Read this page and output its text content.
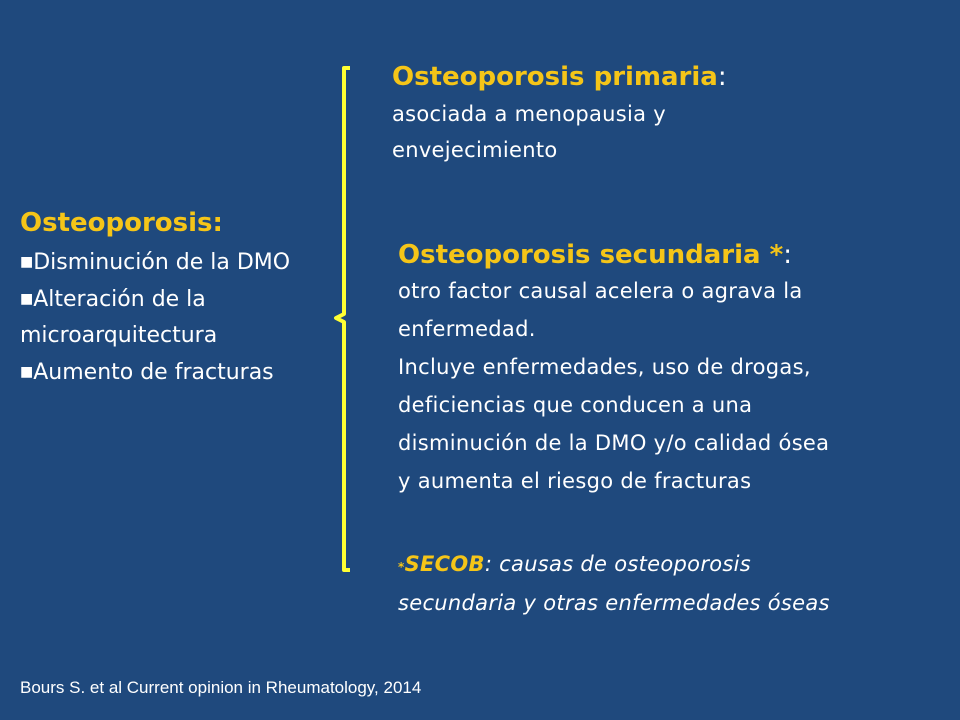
Osteoporosis:
■Disminución de la DMO
■Alteración de la microarquitectura
■Aumento de fracturas
Osteoporosis primaria:
asociada a menopausia y
envejecimiento
Osteoporosis secundaria *:
otro factor causal acelera o agrava la
enfermedad.
Incluye enfermedades, uso de drogas,
deficiencias que conducen a una
disminución de la DMO y/o calidad ósea
y aumenta el riesgo de fracturas
*SECOB: causas de osteoporosis
secundaria y otras enfermedades óseas
Bours S. et al Current opinion in Rheumatology, 2014
